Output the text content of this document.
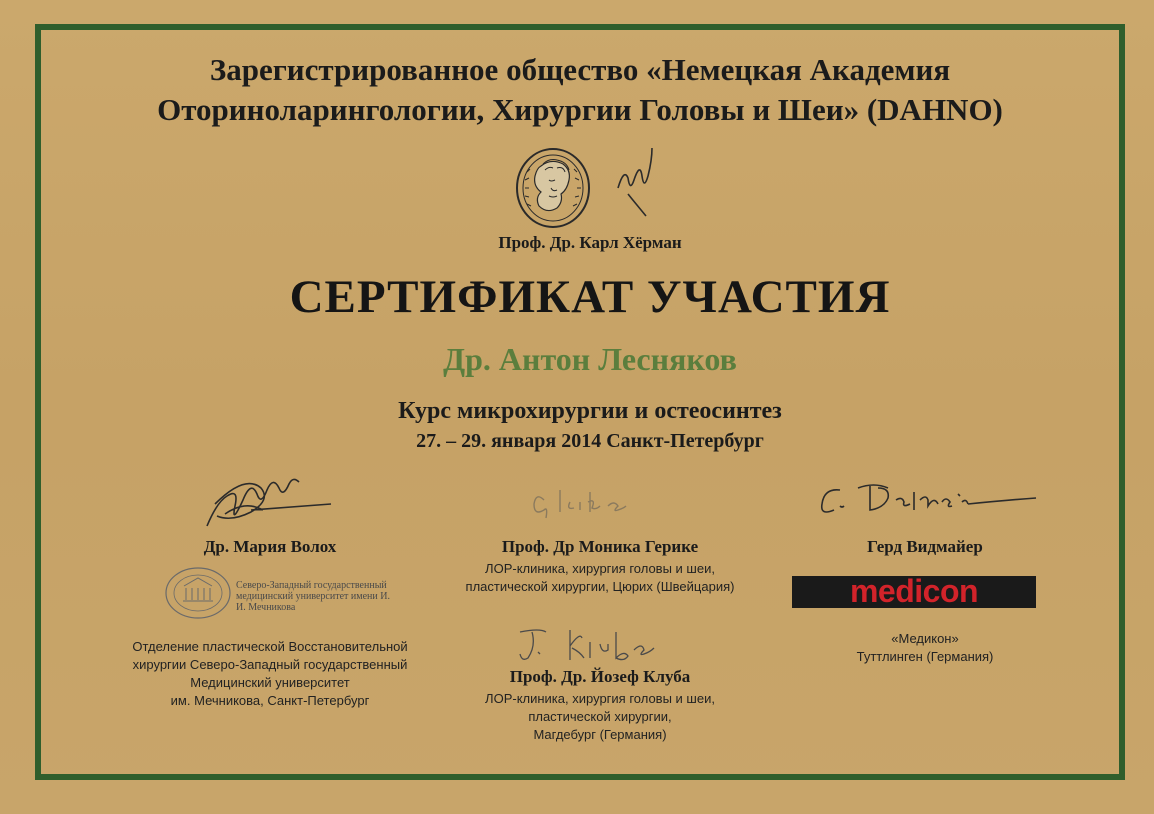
Зарегистрированное общество «Немецкая Академия
Оториноларингологии, Хирургии Головы и Шеи» (DAHNO)
Проф. Др. Карл Хёрман
СЕРТИФИКАТ УЧАСТИЯ
Др. Антон Лесняков
Курс микрохирургии и остеосинтез
27. – 29. января 2014 Санкт-Петербург
Др. Мария Волох
Северо-Западный государственный медицинский университет имени И. И. Мечникова
Отделение пластической Восстановительной
хирургии Северо-Западный государственный
Медицинский университет
им. Мечникова, Санкт-Петербург
Проф. Др Моника Герике
ЛОР-клиника, хирургия головы и шеи,
пластической хирургии, Цюрих (Швейцария)
Проф. Др. Йозеф Клуба
ЛОР-клиника, хирургия головы и шеи,
пластической хирургии,
Магдебург (Германия)
Герд Видмайер
medicon
«Медикон»
Туттлинген (Германия)
